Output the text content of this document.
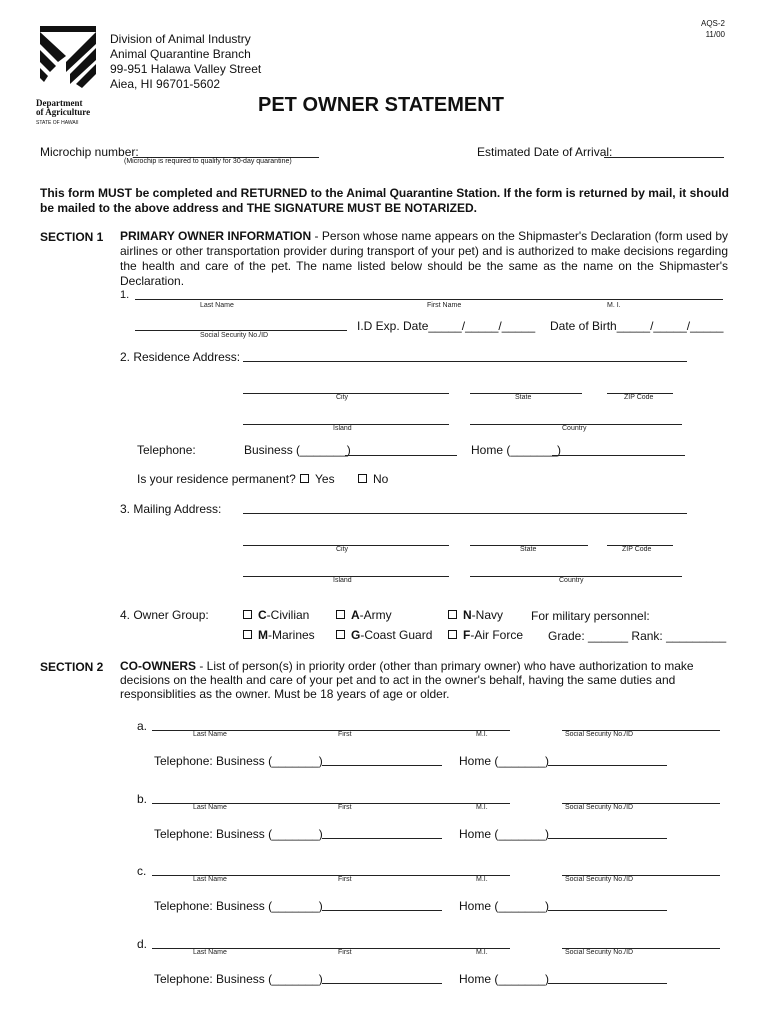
AQS-2
11/00
Department
of Agriculture
STATE OF HAWAII
Division of Animal Industry
Animal Quarantine Branch
99-951 Halawa Valley Street
Aiea, HI 96701-5602
PET OWNER STATEMENT
Microchip number:
(Microchip is required to qualify for 30-day quarantine)
Estimated Date of Arrival:

This form MUST be completed and RETURNED to the Animal Quarantine Station. If the form is returned by mail, it should be mailed to the above address and THE SIGNATURE MUST BE NOTARIZED.

SECTION 1 PRIMARY OWNER INFORMATION - Person whose name appears on the Shipmaster's Declaration (form used by airlines or other transportation provider during transport of your pet) and is authorized to make decisions regarding the health and care of the pet. The name listed below should be the same as the name on the Shipmaster's Declaration.

1.
Last Name	First Name	M. I.
Social Security No./ID
I.D Exp. Date_____/_____/_____ Date of Birth_____/_____/_____
2. Residence Address:
City	State	ZIP Code
Island	Country
Telephone:	Business (_______)	Home (_______)
Is your residence permanent?	Yes	No
3. Mailing Address:
City	State	ZIP Code
Island	Country
4. Owner Group:	C-Civilian	A-Army	N-Navy For military personnel:
M-Marines	G-Coast Guard	F-Air Force Grade: ______ Rank: _________
SECTION 2 CO-OWNERS - List of person(s) in priority order (other than primary owner) who have authorization to make decisions on the health and care of your pet and to act in the owner's behalf, having the same duties and responsiblities as the owner. Must be 18 years of age or older.

a.
Last Name	First	M.I.	Social Security No./ID
Telephone: Business (_______)	Home (_______)
b.
Last Name	First	M.I.	Social Security No./ID
Telephone: Business (_______)	Home (_______)
c.
Last Name	First	M.I.	Social Security No./ID
Telephone: Business (_______)	Home (_______)
d.
Last Name	First	M.I.	Social Security No./ID
Telephone: Business (_______)	Home (_______)
